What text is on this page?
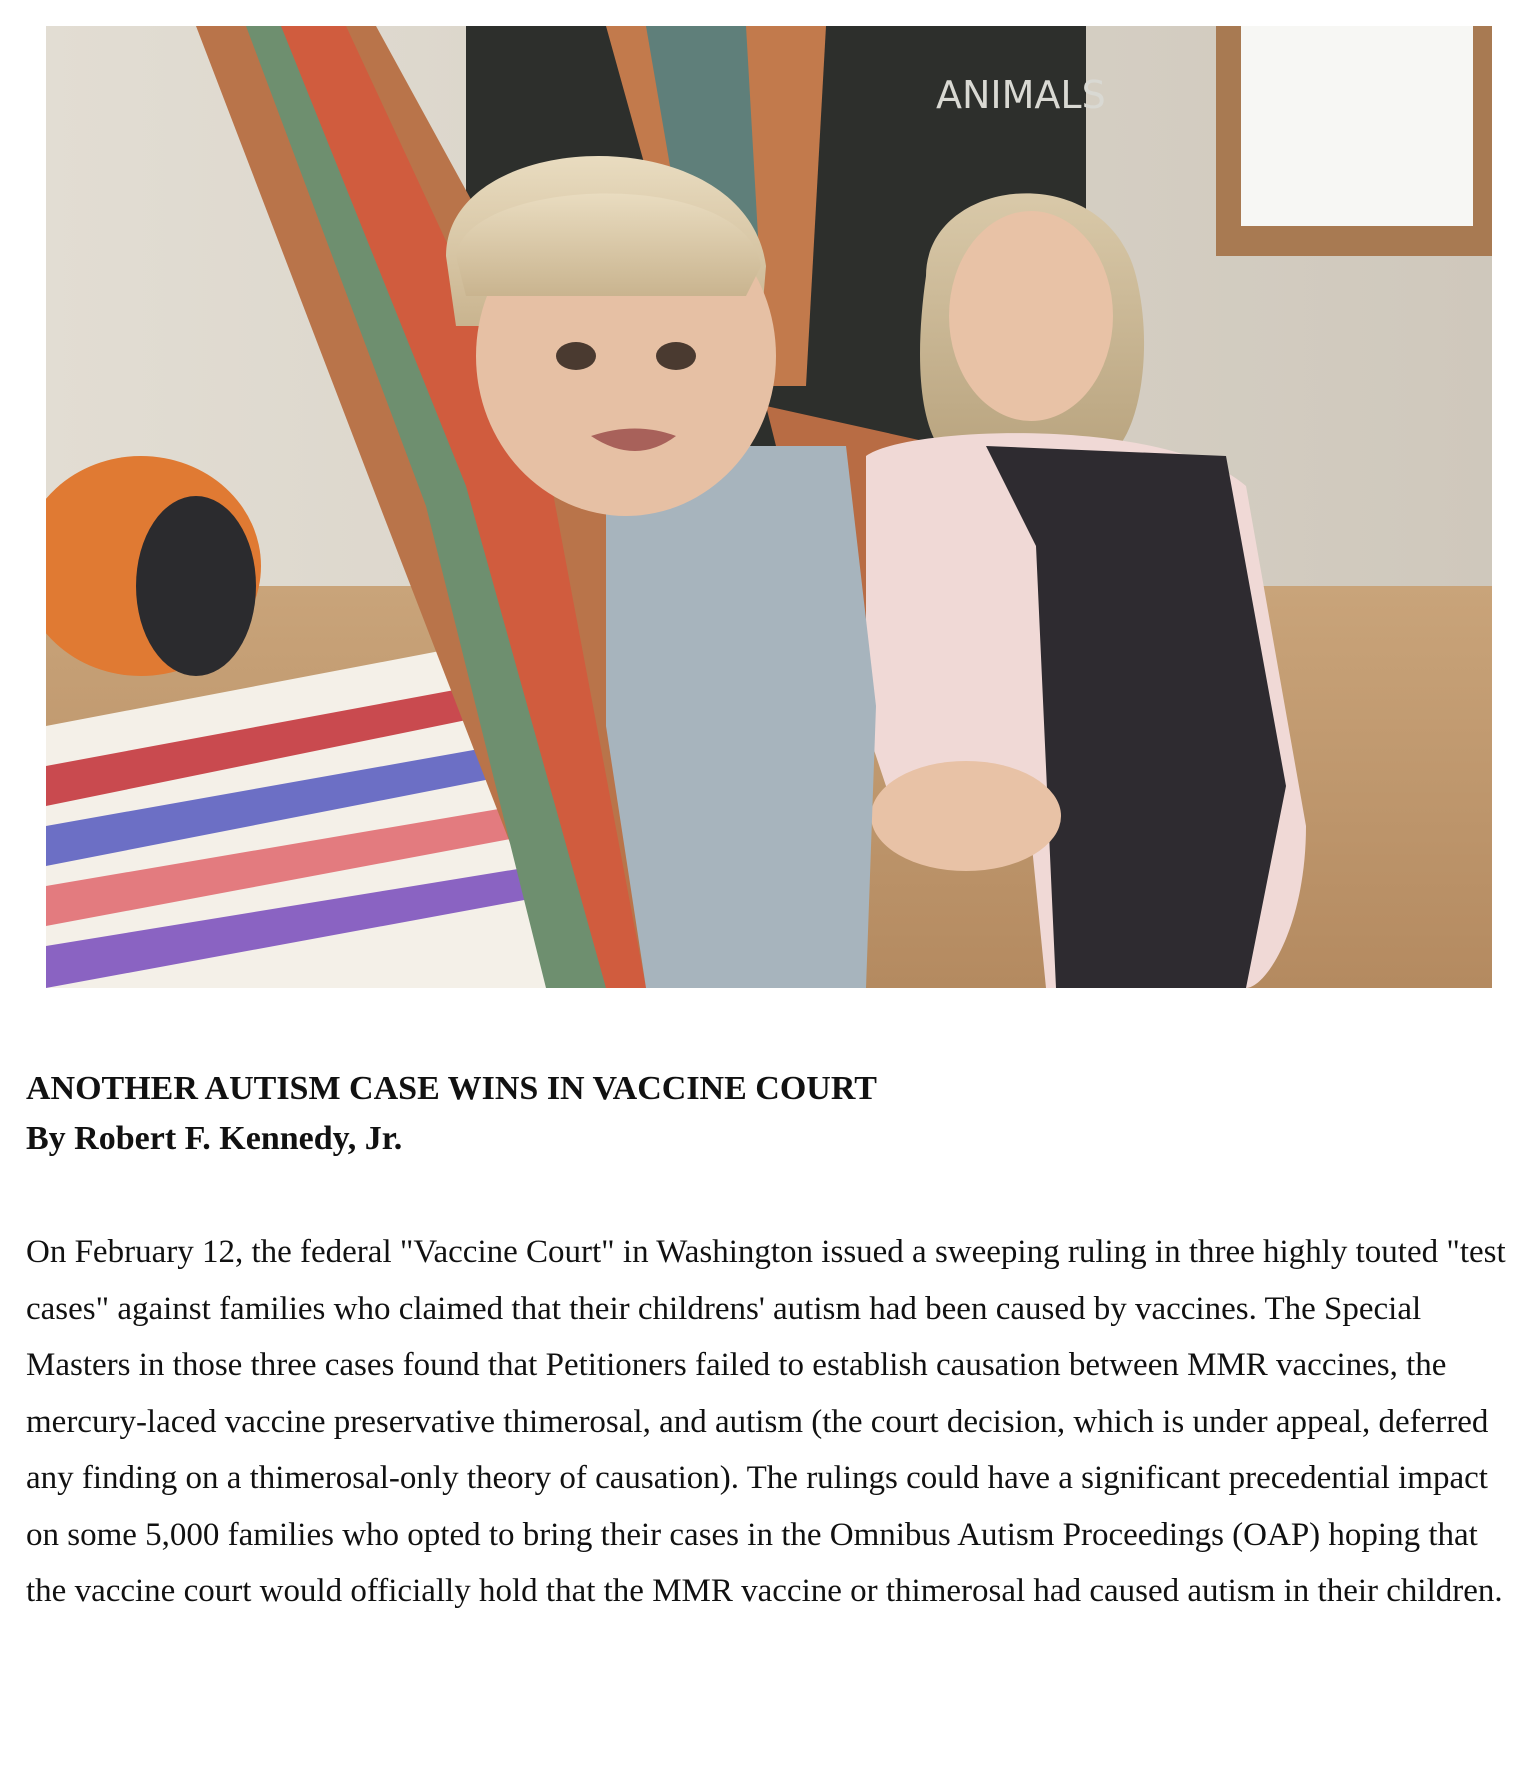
ANIMALS
ANOTHER AUTISM CASE WINS IN VACCINE COURT

By Robert F. Kennedy, Jr.

On February 12, the federal "Vaccine Court" in Washington issued a sweeping ruling in three highly touted "test cases" against families who claimed that their childrens' autism had been caused by vaccines. The Special Masters in those three cases found that Petitioners failed to establish causation between MMR vaccines, the mercury-laced vaccine preservative thimerosal, and autism (the court decision, which is under appeal, deferred any finding on a thimerosal-only theory of causation). The rulings could have a significant precedential impact on some 5,000 families who opted to bring their cases in the Omnibus Autism Proceedings (OAP) hoping that the vaccine court would officially hold that the MMR vaccine or thimerosal had caused autism in their children.
